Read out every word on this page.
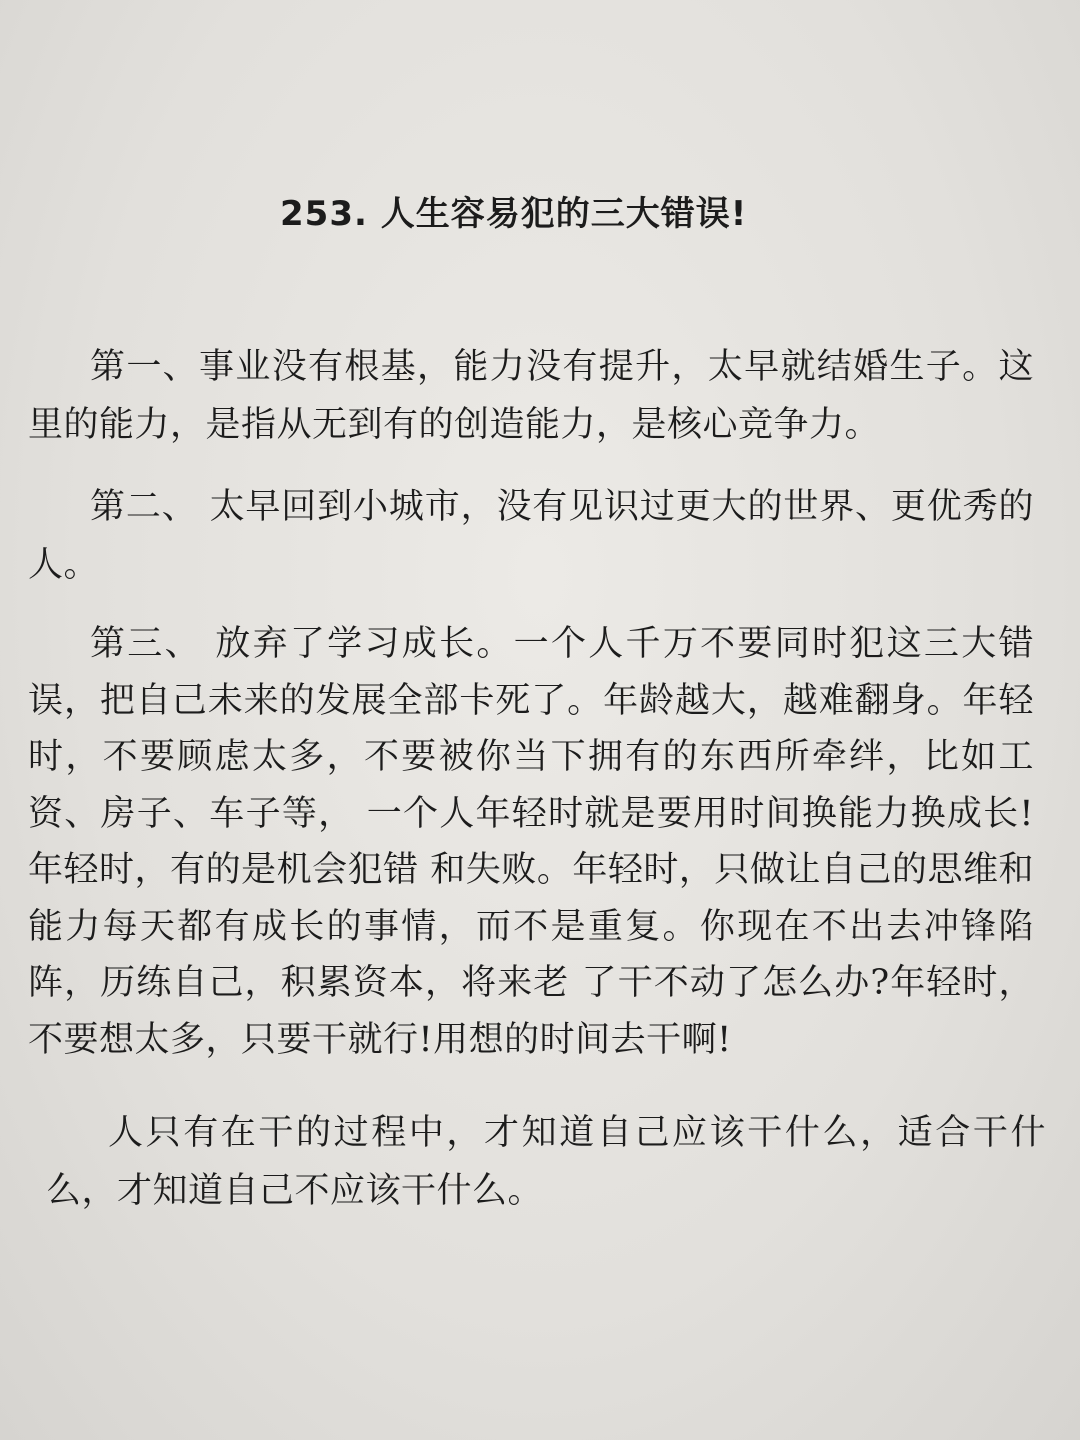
253. 人生容易犯的三大错误!

第一、事业没有根基，能力没有提升，太早就结婚生子。这里的能力，是指从无到有的创造能力，是核心竞争力。

第二、 太早回到小城市，没有见识过更大的世界、更优秀的人。

第三、 放弃了学习成长。一个人千万不要同时犯这三大错误，把自己未来的发展全部卡死了。年龄越大，越难翻身。年轻时，不要顾虑太多，不要被你当下拥有的东西所牵绊，比如工资、房子、车子等， 一个人年轻时就是要用时间换能力换成长!年轻时，有的是机会犯错 和失败。年轻时，只做让自己的思维和能力每天都有成长的事情，而不是重复。你现在不出去冲锋陷阵，历练自己，积累资本，将来老 了干不动了怎么办?年轻时，不要想太多，只要干就行!用想的时间去干啊!

人只有在干的过程中，才知道自己应该干什么，适合干什么，才知道自己不应该干什么。
